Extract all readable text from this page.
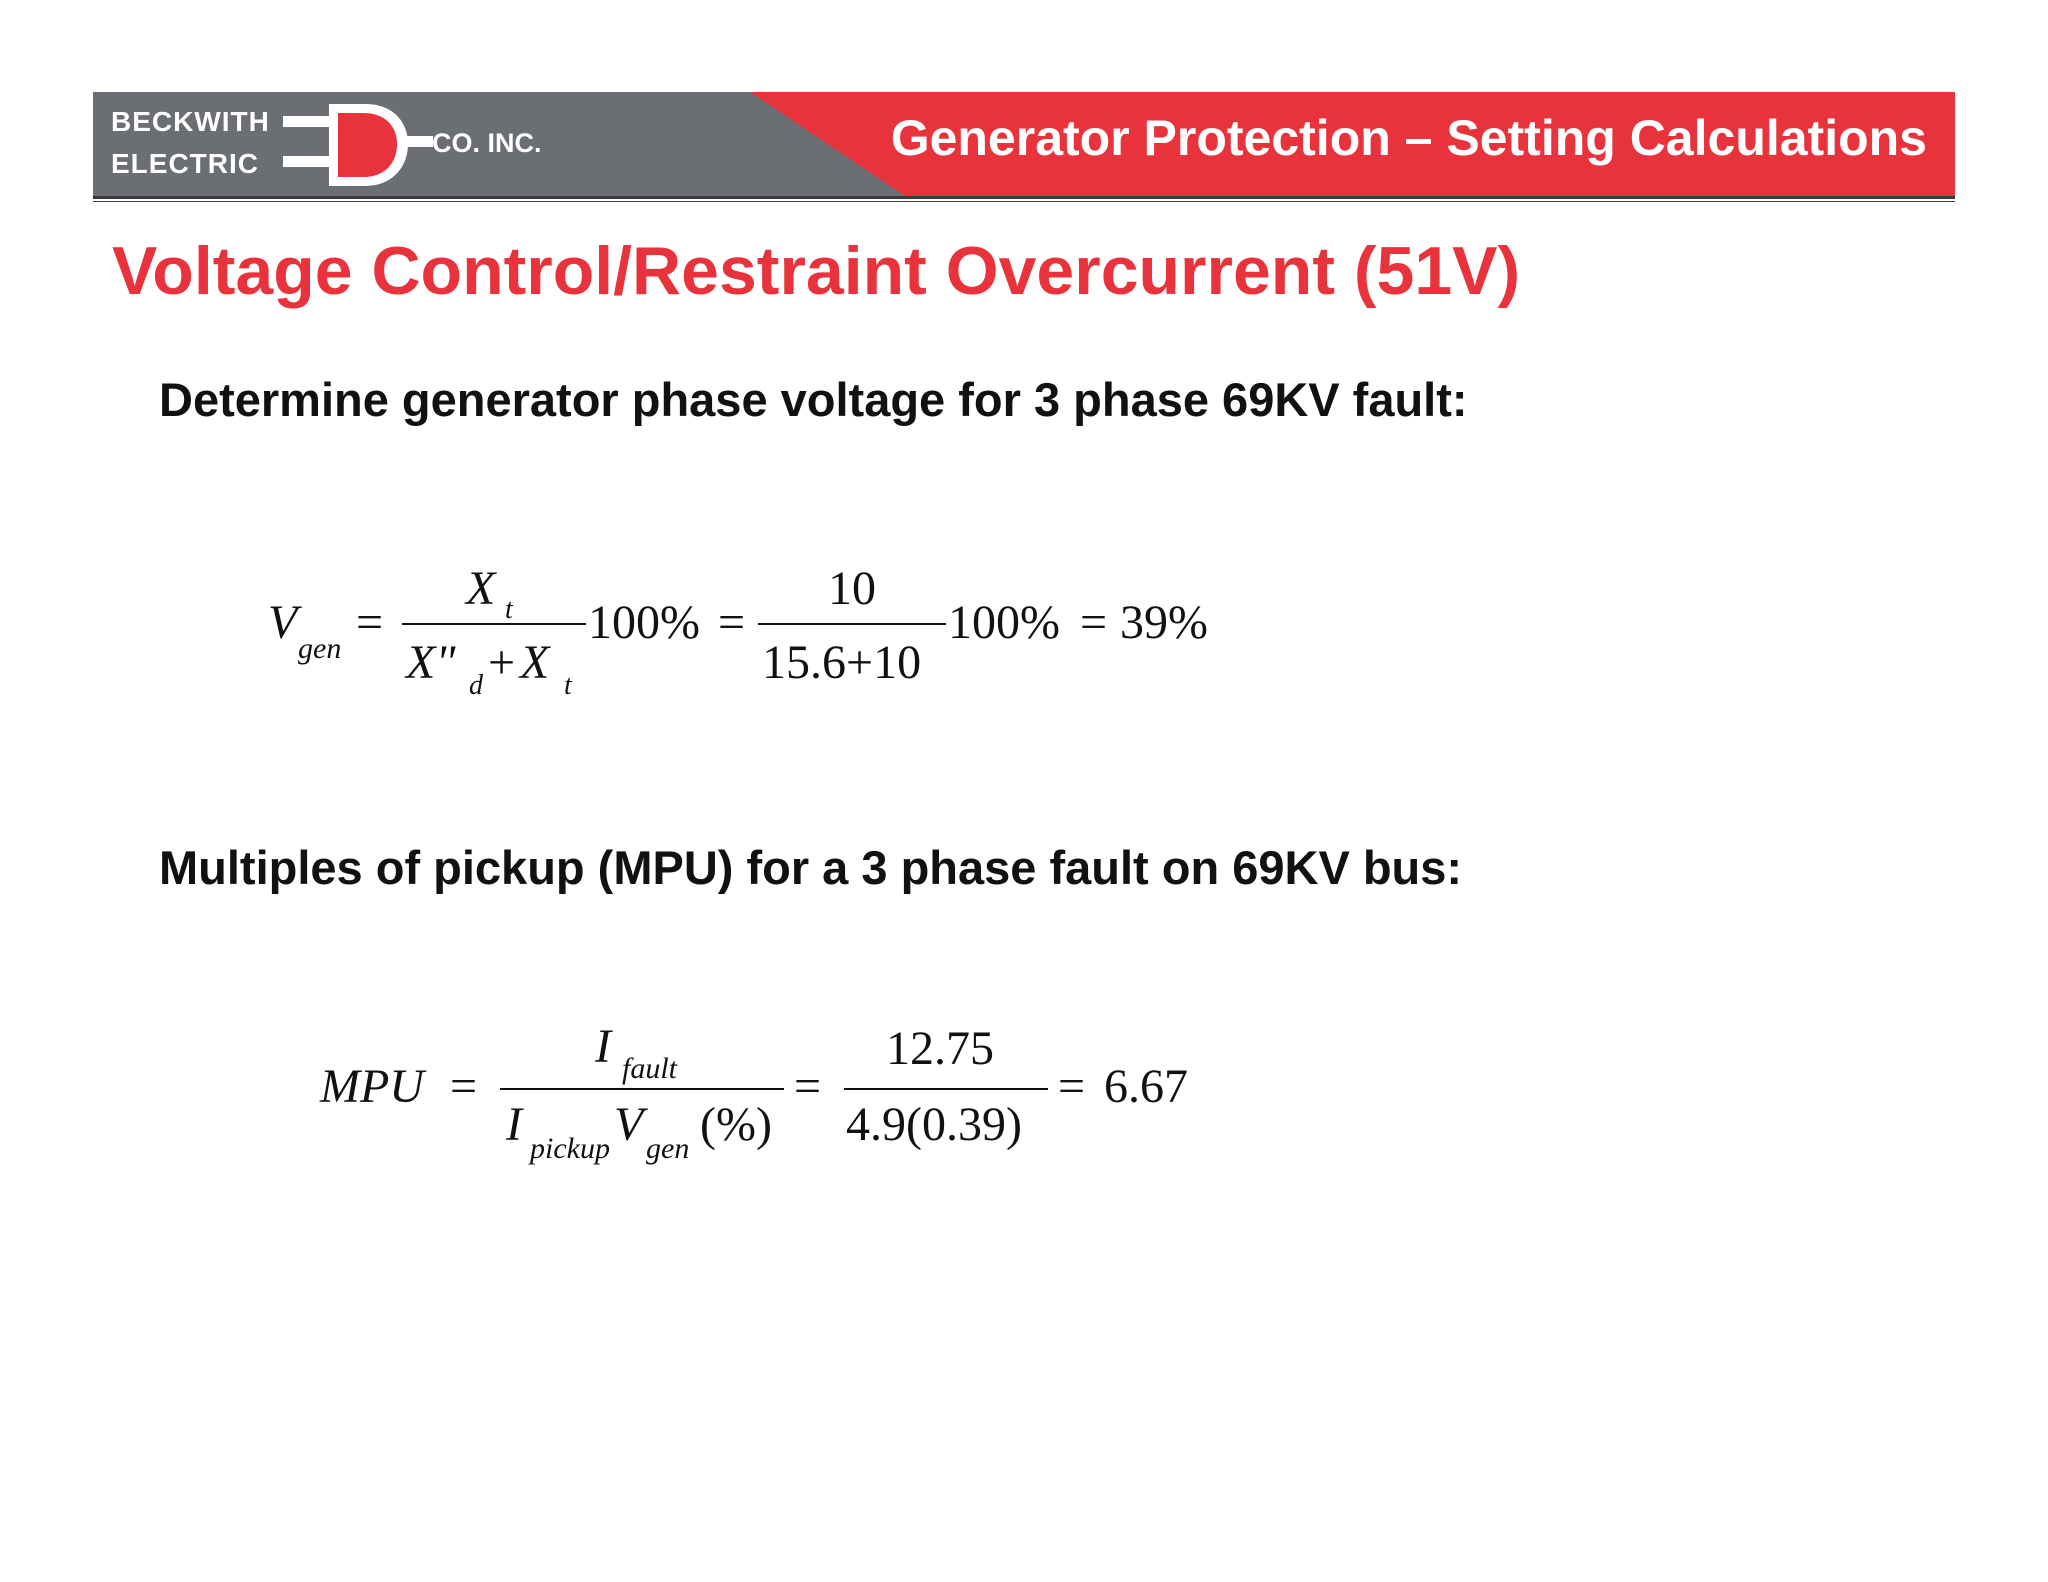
BECKWITH
ELECTRIC
CO. INC.	Generator Protection – Setting Calculations
Voltage Control/Restraint Overcurrent (51V)
Determine generator phase voltage for 3 phase 69KV fault:
V gen =
X t
X" d + X t
100% =
10
15.6+10
100% = 39%
Multiples of pickup (MPU) for a 3 phase fault on 69KV bus:
MPU =
I fault
I pickup V gen (%)
=
12.75
4.9(0.39)
= 6.67
